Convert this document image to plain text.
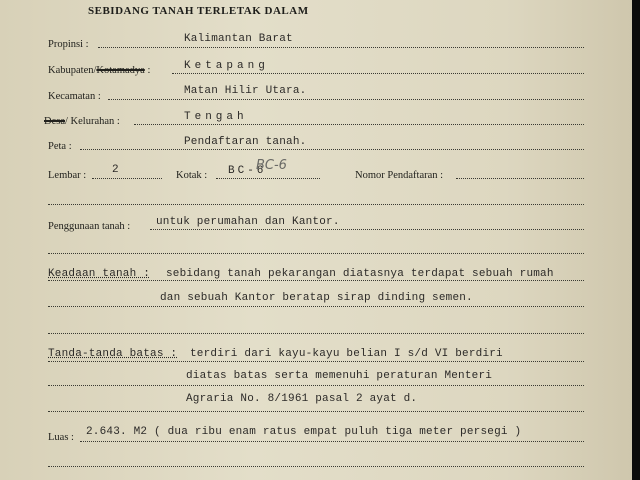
SEBIDANG TANAH TERLETAK DALAM
Propinsi :	Kalimantan Barat
Kabupaten/Kotamadya :	Ketapang
Kecamatan :	Matan Hilir Utara.
Desa/ Kelurahan :	Tengah
Peta :	Pendaftaran tanah.
Lembar : 2	Kotak : BC-6
BC-6
Nomor Pendaftaran :
Penggunaan tanah : untuk perumahan dan Kantor.
Keadaan tanah : sebidang tanah pekarangan diatasnya terdapat sebuah rumah
dan sebuah Kantor beratap sirap dinding semen.
Tanda-tanda batas : terdiri dari kayu-kayu belian I s/d VI berdiri
diatas batas serta memenuhi peraturan Menteri
Agraria No. 8/1961 pasal 2 ayat d.
Luas : 2.643. M2 ( dua ribu enam ratus empat puluh tiga meter persegi )
